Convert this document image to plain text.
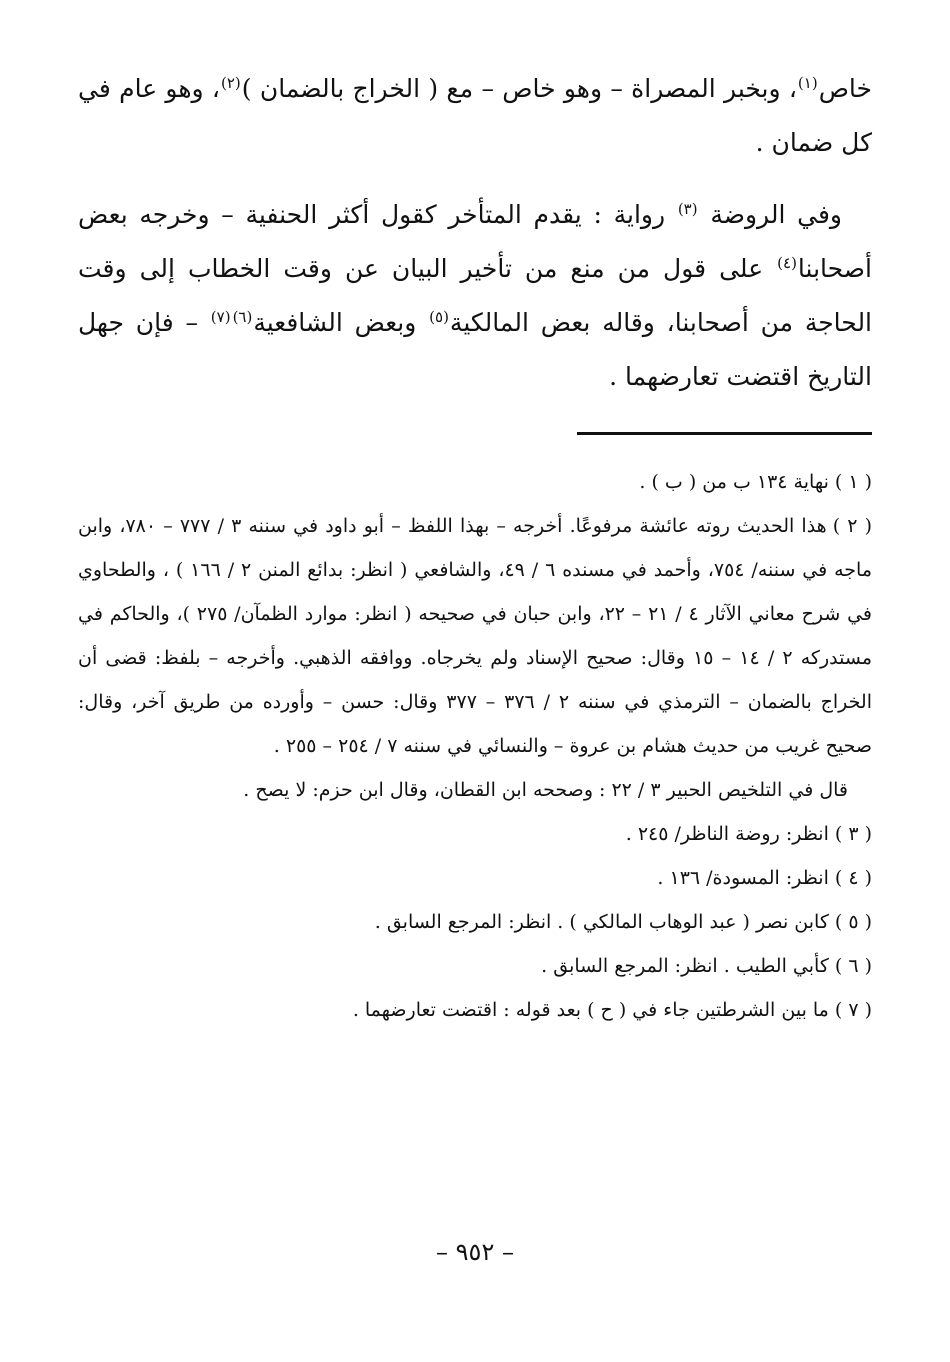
خاص$^{(١)}$، وبخبر المصراة – وهو خاص – مع ( الخراج بالضمان )$^{(٢)}$، وهو عام في كل ضمان .

وفي الروضة $^{(٣)}$ رواية : يقدم المتأخر كقول أكثر الحنفية – وخرجه بعض أصحابنا$^{(٤)}$ على قول من منع من تأخير البيان عن وقت الخطاب إلى وقت الحاجة من أصحابنا، وقاله بعض المالكية$^{(٥)}$ وبعض الشافعية$^{(٦)(٧)}$ – فإن جهل التاريخ اقتضت تعارضهما .

( ١ )نهاية ١٣٤ ب من ( ب ) .

( ٢ )هذا الحديث روته عائشة مرفوعًا. أخرجه – بهذا اللفظ – أبو داود في سننه ٣ / ٧٧٧ – ٧٨٠، وابن ماجه في سننه/ ٧٥٤، وأحمد في مسنده ٦ / ٤٩، والشافعي ( انظر: بدائع المنن ٢ / ١٦٦ ) ، والطحاوي في شرح معاني الآثار ٤ / ٢١ – ٢٢، وابن حبان في صحيحه ( انظر: موارد الظمآن/ ٢٧٥ )، والحاكم في مستدركه ٢ / ١٤ – ١٥ وقال: صحيح الإسناد ولم يخرجاه. ووافقه الذهبي. وأخرجه – بلفظ: قضى أن الخراج بالضمان – الترمذي في سننه ٢ / ٣٧٦ – ٣٧٧ وقال: حسن – وأورده من طريق آخر، وقال: صحيح غريب من حديث هشام بن عروة – والنسائي في سننه ٧ / ٢٥٤ – ٢٥٥ .

قال في التلخيص الحبير ٣ / ٢٢ : وصححه ابن القطان، وقال ابن حزم: لا يصح .

( ٣ )انظر: روضة الناظر/ ٢٤٥ .

( ٤ )انظر: المسودة/ ١٣٦ .

( ٥ )كابن نصر ( عبد الوهاب المالكي ) . انظر: المرجع السابق .

( ٦ )كأبي الطيب . انظر: المرجع السابق .

( ٧ )ما بين الشرطتين جاء في ( ح ) بعد قوله : اقتضت تعارضهما .

– ٩٥٢ –
